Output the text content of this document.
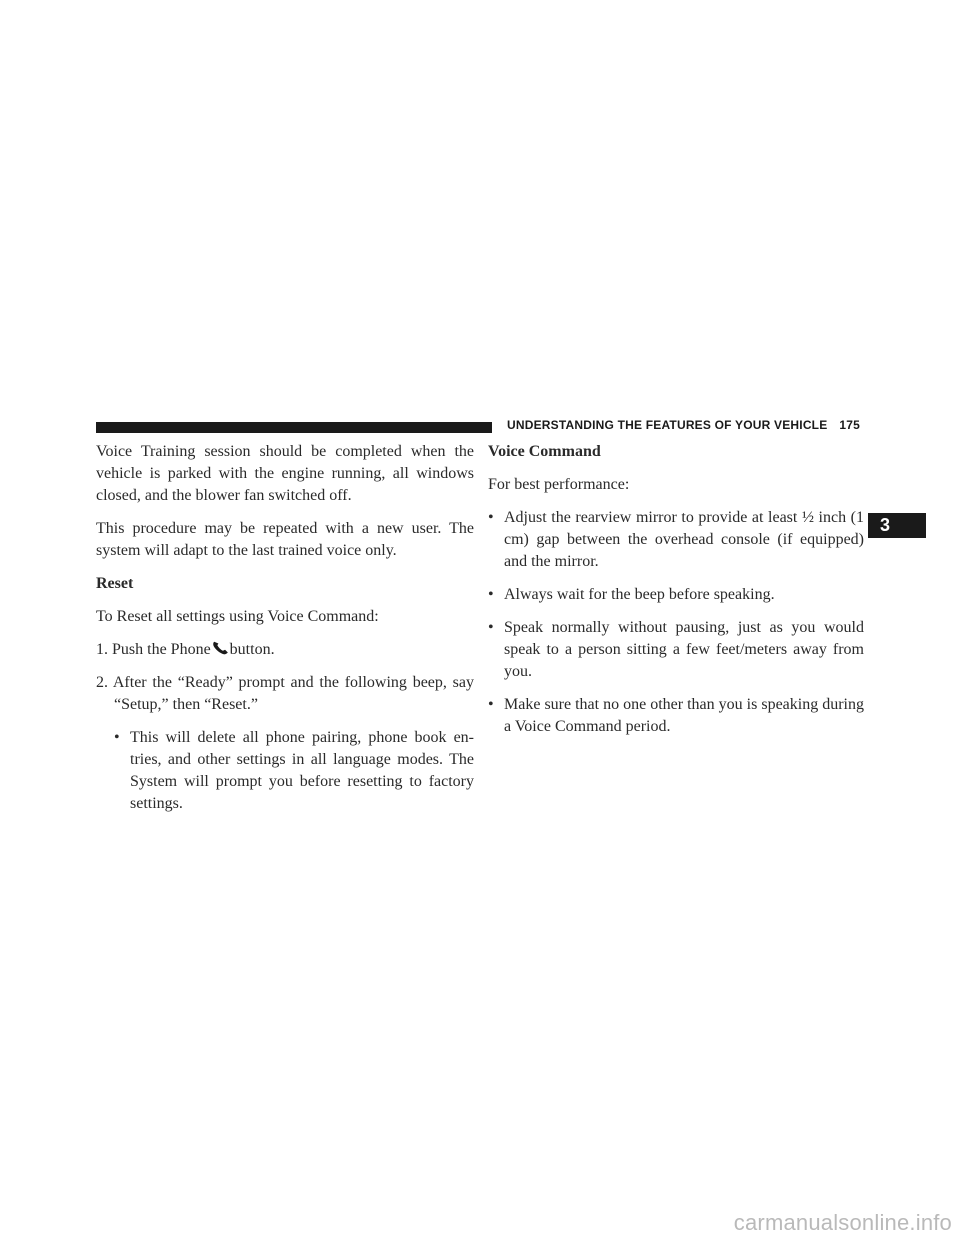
UNDERSTANDING THE FEATURES OF YOUR VEHICLE 175
3

Voice Training session should be completed when the vehicle is parked with the engine running, all windows closed, and the blower fan switched off.

This procedure may be repeated with a new user. The system will adapt to the last trained voice only.

Reset

To Reset all settings using Voice Command:

1. Push the Phone button.
2. After the “Ready” prompt and the following beep, say “Setup,” then “Reset.”
• This will delete all phone pairing, phone book entries, and other settings in all language modes. The System will prompt you before resetting to factory settings.
Voice Command

For best performance:

• Adjust the rearview mirror to provide at least ½ inch (1 cm) gap between the overhead console (if equipped) and the mirror.
• Always wait for the beep before speaking.
• Speak normally without pausing, just as you would speak to a person sitting a few feet/meters away from you.
• Make sure that no one other than you is speaking during a Voice Command period.
carmanualsonline.info
